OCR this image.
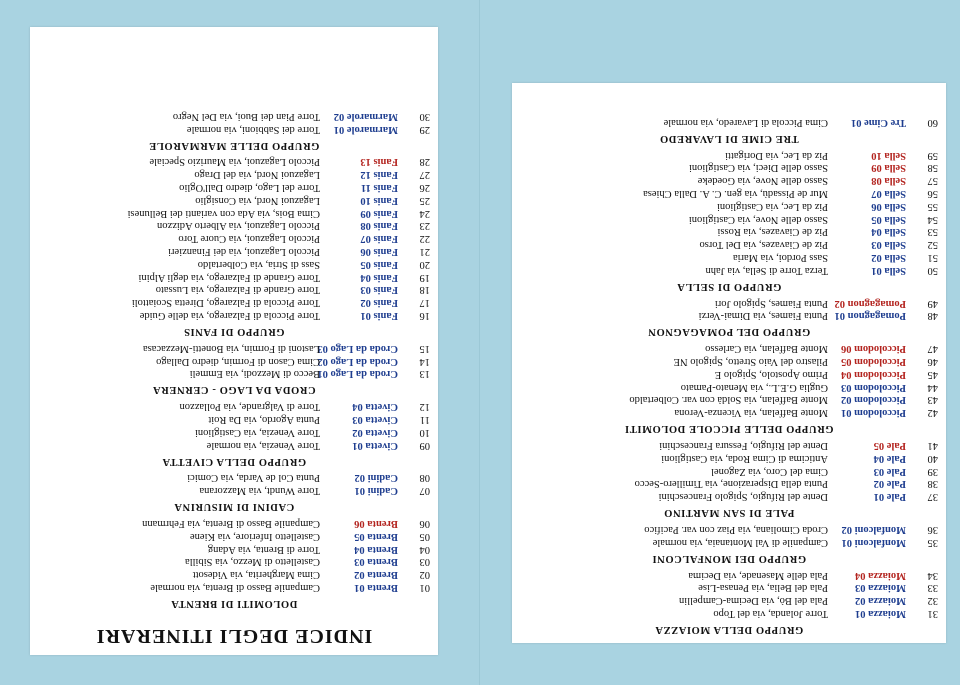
GRUPPO DELLA MOIAZZA
31
Moiazza 01
Torre Jolanda, via del Topo
32
Moiazza 02
Pala del Bò, via Decima-Campellin
33
Moiazza 03
Pala del Belia, via Penasa-Lise
34
Moiazza 04
Pala delle Masenade, via Decima
GRUPPO DEI MONFALCONI
35
Monfalconi 01
Campanile di Val Montanaia, via normale
36
Monfalconi 02
Croda Cimoliana, via Piaz con var. Pacifico
PALE DI SAN MARTINO
37
Pale 01
Dente del Rifugio, Spigolo Franceschini
38
Pale 02
Punta della Disperazione, via Timillero-Secco
39
Pale 03
Cima del Coro, via Zagonel
40
Pale 04
Anticima di Cima Roda, via Castiglioni
41
Pale 05
Dente del Rifugio, Fessura Franceschini
GRUPPO DELLE PICCOLE DOLOMITI
42
Piccolodom 01
Monte Baffelan, via Vicenza-Verona
43
Piccolodom 02
Monte Baffelan, via Soldà con var. Colbertaldo
44
Piccolodom 03
Guglia G.E.L., via Menato-Pamato
45
Piccolodom 04
Primo Apostolo, Spigolo E
46
Piccolodom 05
Pilastro del Vaio Stretto, Spigolo NE
47
Piccolodom 06
Monte Baffelan, via Carlesso
GRUPPO DEL POMAGAGNON
48
Pomagagnon 01
Punta Fiames, via Dimai-Verzi
49
Pomagagnon 02
Punta Fiames, Spigolo Jori
GRUPPO DI SELLA
50
Sella 01
Terza Torre di Sella, via Jahn
51
Sella 02
Sass Pordoi, via Maria
52
Sella 03
Piz de Ciavazes, via Del Torso
53
Sella 04
Piz de Ciavazes, via Rossi
54
Sella 05
Sasso delle Nove, via Castiglioni
55
Sella 06
Piz da Lec, via Castiglioni
56
Sella 07
Mur de Pissadù, via gen. C. A. Dalla Chiesa
57
Sella 08
Sasso delle Nove, via Goedeke
58
Sella 09
Sasso delle Dieci, via Castiglioni
59
Sella 10
Piz da Lec, via Dorigatti
TRE CIME DI LAVAREDO
60
Tre Cime 01
Cima Piccola di Lavaredo, via normale
INDICE DEGLI ITINERARI
DOLOMITI DI BRENTA
01
Brenta 01
Campanile Basso di Brenta, via normale
02
Brenta 02
Cima Margherita, via Videsott
03
Brenta 03
Castelletto di Mezzo, via Sibilla
04
Brenta 04
Torre di Brenta, via Adang
05
Brenta 05
Castelletto Inferiore, via Kiene
06
Brenta 06
Campanile Basso di Brenta, via Fehrmann
CADINI DI MISURINA
07
Cadini 01
Torre Wundt, via Mazzorana
08
Cadini 02
Punta Col de Varda, via Comici
GRUPPO DELLA CIVETTA
09
Civetta 01
Torre Venezia, via normale
10
Civetta 02
Torre Venezia, via Castiglioni
11
Civetta 03
Punta Agordo, via Da Roit
12
Civetta 04
Torre di Valgrande, via Pollazzon
CRODA DA LAGO - CERNERA
13
Croda da Lago 01
Becco di Mezzodì, via Emmeli
14
Croda da Lago 02
Cima Cason di Formin, diedro Dallago
15
Croda da Lago 03
Lastoni di Formin, via Bonetti-Mezzacasa
GRUPPO DI FANIS
16
Fanis 01
Torre Piccola di Falzarego, via delle Guide
17
Fanis 02
Torre Piccola di Falzarego, Diretta Scoiattoli
18
Fanis 03
Torre Grande di Falzarego, via Lussato
19
Fanis 04
Torre Grande di Falzarego, via degli Alpini
20
Fanis 05
Sass di Stria, via Colbertaldo
21
Fanis 06
Piccolo Lagazuoi, via dei Finanzieri
22
Fanis 07
Piccolo Lagazuoi, via Cuore Toro
23
Fanis 08
Piccolo Lagazuoi, via Alberto Adizzon
24
Fanis 09
Cima Bois, via Ada con varianti dei Bellunesi
25
Fanis 10
Lagazuoi Nord, via Consiglio
26
Fanis 11
Torre del Lago, diedro Dall'Oglio
27
Fanis 12
Lagazuoi Nord, via del Drago
28
Fanis 13
Piccolo Lagazuoi, via Maurizio Speciale
GRUPPO DELLE MARMAROLE
29
Marmarole 01
Torre dei Sabbioni, via normale
30
Marmarole 02
Torre Pian dei Buoi, via Del Negro
